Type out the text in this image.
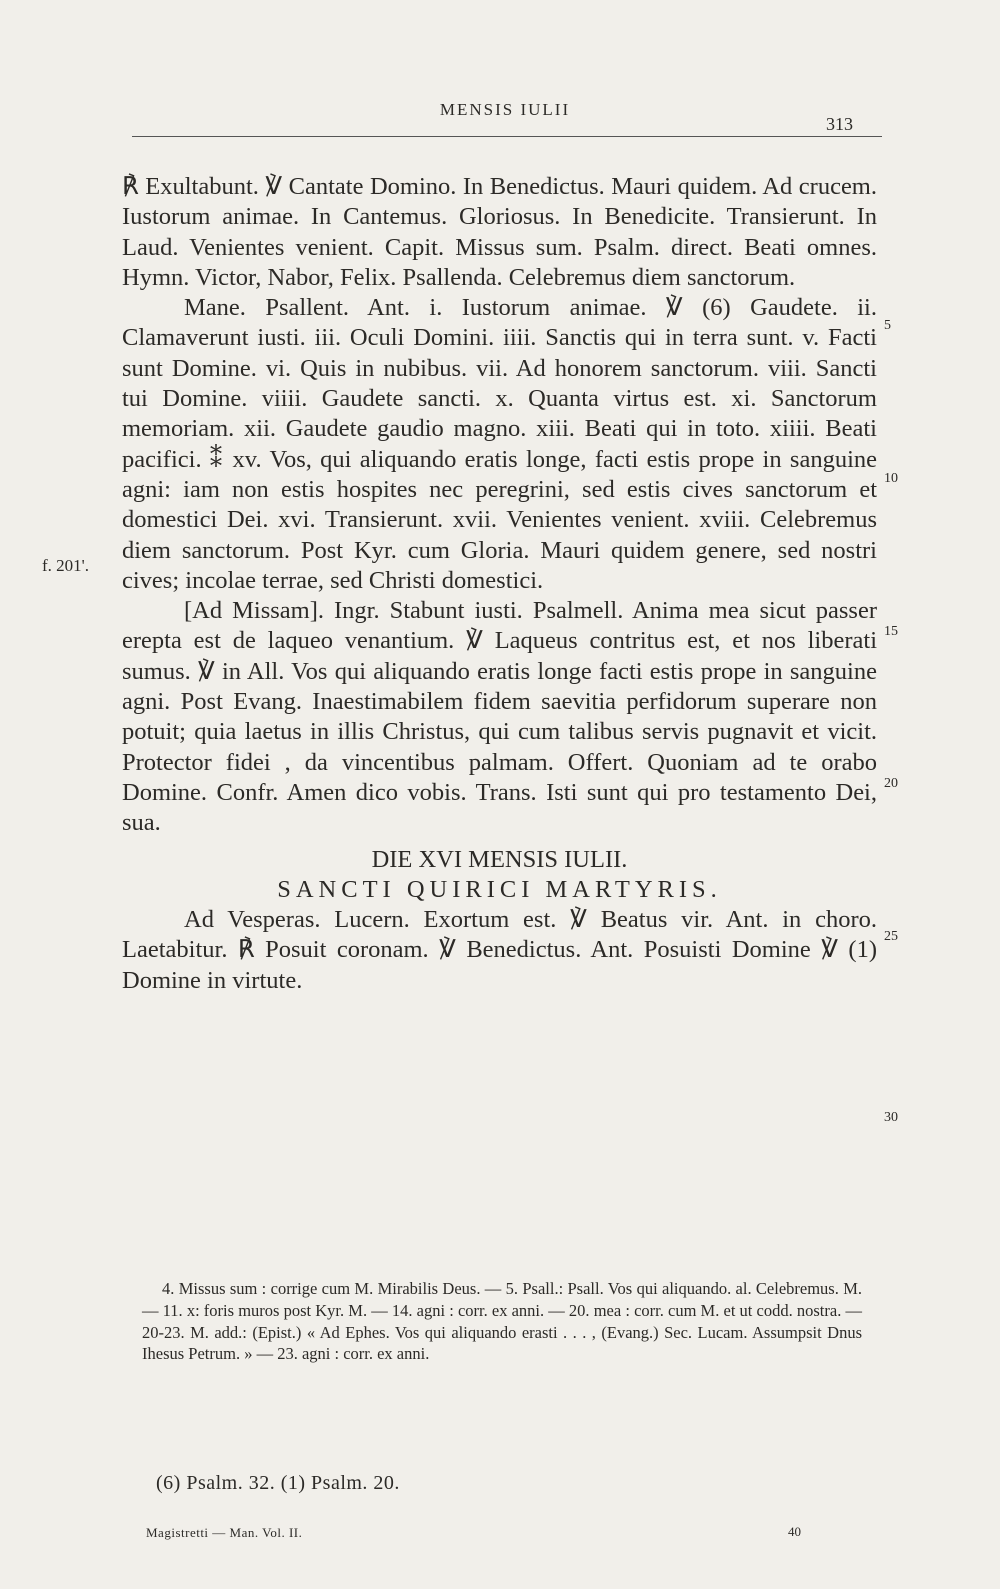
MENSIS IULII
313
f. 201'.
5
10
15
20
25
30

℟ Exultabunt. ℣ Cantate Domino. In Benedictus. Mauri quidem. Ad crucem. Iustorum animae. In Cantemus. Gloriosus. In Benedicite. Transierunt. In Laud. Venientes venient. Capit. Missus sum. Psalm. direct. Beati omnes. Hymn. Victor, Nabor, Felix. Psallenda. Celebremus diem sanctorum.

Mane. Psallent. Ant. i. Iustorum animae. ℣ (6) Gaudete. ii. Clamaverunt iusti. iii. Oculi Domini. iiii. Sanctis qui in terra sunt. v. Facti sunt Domine. vi. Quis in nubibus. vii. Ad honorem sanctorum. viii. Sancti tui Domine. viiii. Gaudete sancti. x. Quanta virtus est. xi. Sanctorum memoriam. xii. Gaudete gaudio magno. xiii. Beati qui in toto. xiiii. Beati pacifici. ⁑ xv. Vos, qui aliquando eratis longe, facti estis prope in sanguine agni: iam non estis hospites nec peregrini, sed estis cives sanctorum et domestici Dei. xvi. Transierunt. xvii. Venientes venient. xviii. Celebremus diem sanctorum. Post Kyr. cum Gloria. Mauri quidem genere, sed nostri cives; incolae terrae, sed Christi domestici.

[Ad Missam]. Ingr. Stabunt iusti. Psalmell. Anima mea sicut passer erepta est de laqueo venantium. ℣ Laqueus contritus est, et nos liberati sumus. ℣ in All. Vos qui aliquando eratis longe facti estis prope in sanguine agni. Post Evang. Inaestimabilem fidem saevitia perfidorum superare non potuit; quia laetus in illis Christus, qui cum talibus servis pugnavit et vicit. Protector fidei , da vincentibus palmam. Offert. Quoniam ad te orabo Domine. Confr. Amen dico vobis. Trans. Isti sunt qui pro testamento Dei, sua.

DIE XVI MENSIS IULII.

SANCTI QUIRICI MARTYRIS.

Ad Vesperas. Lucern. Exortum est. ℣ Beatus vir. Ant. in choro. Laetabitur. ℟ Posuit coronam. ℣ Benedictus. Ant. Posuisti Domine ℣ (1) Domine in virtute.

4. Missus sum : corrige cum M. Mirabilis Deus. — 5. Psall.: Psall. Vos qui aliquando. al. Celebremus. M. — 11. x: foris muros post Kyr. M. — 14. agni : corr. ex anni. — 20. mea : corr. cum M. et ut codd. nostra. — 20-23. M. add.: (Epist.) « Ad Ephes. Vos qui aliquando erasti . . . , (Evang.) Sec. Lucam. Assumpsit Dnus Ihesus Petrum. » — 23. agni : corr. ex anni.

(6) Psalm. 32. (1) Psalm. 20.
Magistretti — Man. Vol. II.	40
